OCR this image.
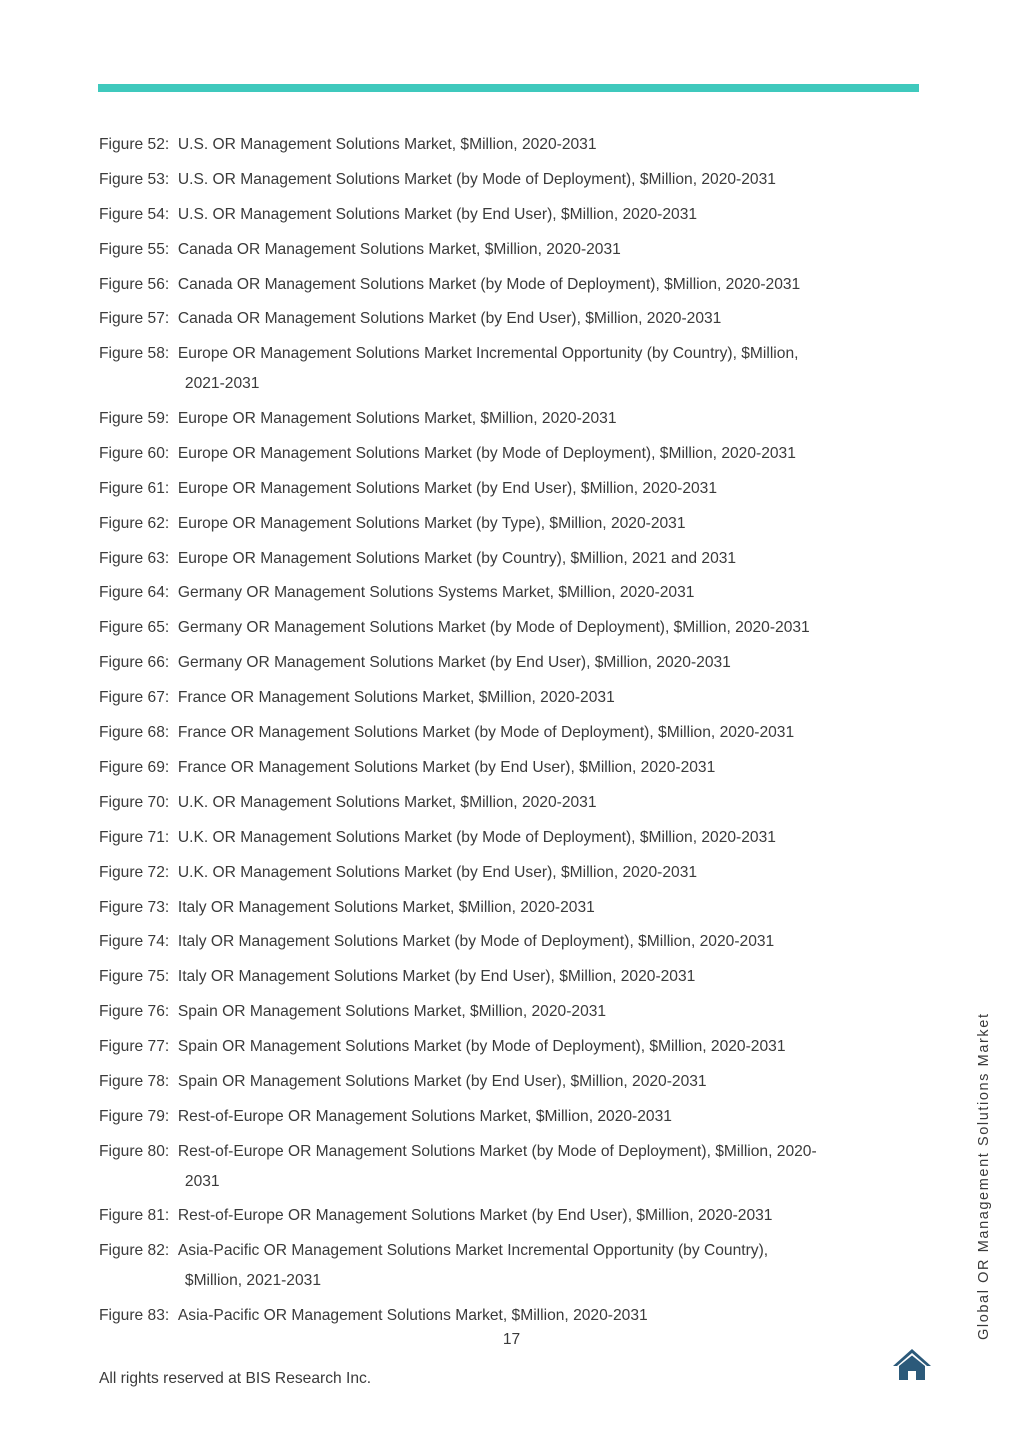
Figure 52:
U.S. OR Management Solutions Market, $Million, 2020-2031
Figure 53:
U.S. OR Management Solutions Market (by Mode of Deployment), $Million, 2020-2031
Figure 54:
U.S. OR Management Solutions Market (by End User), $Million, 2020-2031
Figure 55:
Canada OR Management Solutions Market, $Million, 2020-2031
Figure 56:
Canada OR Management Solutions Market (by Mode of Deployment), $Million, 2020-2031
Figure 57:
Canada OR Management Solutions Market (by End User), $Million, 2020-2031
Figure 58:
Europe OR Management Solutions Market Incremental Opportunity (by Country), $Million,
2021-2031
Figure 59:
Europe OR Management Solutions Market, $Million, 2020-2031
Figure 60:
Europe OR Management Solutions Market (by Mode of Deployment), $Million, 2020-2031
Figure 61:
Europe OR Management Solutions Market (by End User), $Million, 2020-2031
Figure 62:
Europe OR Management Solutions Market (by Type), $Million, 2020-2031
Figure 63:
Europe OR Management Solutions Market (by Country), $Million, 2021 and 2031
Figure 64:
Germany OR Management Solutions Systems Market, $Million, 2020-2031
Figure 65:
Germany OR Management Solutions Market (by Mode of Deployment), $Million, 2020-2031
Figure 66:
Germany OR Management Solutions Market (by End User), $Million, 2020-2031
Figure 67:
France OR Management Solutions Market, $Million, 2020-2031
Figure 68:
France OR Management Solutions Market (by Mode of Deployment), $Million, 2020-2031
Figure 69:
France OR Management Solutions Market (by End User), $Million, 2020-2031
Figure 70:
U.K. OR Management Solutions Market, $Million, 2020-2031
Figure 71:
U.K. OR Management Solutions Market (by Mode of Deployment), $Million, 2020-2031
Figure 72:
U.K. OR Management Solutions Market (by End User), $Million, 2020-2031
Figure 73:
Italy OR Management Solutions Market, $Million, 2020-2031
Figure 74:
Italy OR Management Solutions Market (by Mode of Deployment), $Million, 2020-2031
Figure 75:
Italy OR Management Solutions Market (by End User), $Million, 2020-2031
Figure 76:
Spain OR Management Solutions Market, $Million, 2020-2031
Figure 77:
Spain OR Management Solutions Market (by Mode of Deployment), $Million, 2020-2031
Figure 78:
Spain OR Management Solutions Market (by End User), $Million, 2020-2031
Figure 79:
Rest-of-Europe OR Management Solutions Market, $Million, 2020-2031
Figure 80:
Rest-of-Europe OR Management Solutions Market (by Mode of Deployment), $Million, 2020-
2031
Figure 81:
Rest-of-Europe OR Management Solutions Market (by End User), $Million, 2020-2031
Figure 82:
Asia-Pacific OR Management Solutions Market Incremental Opportunity (by Country),
$Million, 2021-2031
Figure 83:
Asia-Pacific OR Management Solutions Market, $Million, 2020-2031
17
All rights reserved at BIS Research Inc.
Global OR Management Solutions Market
